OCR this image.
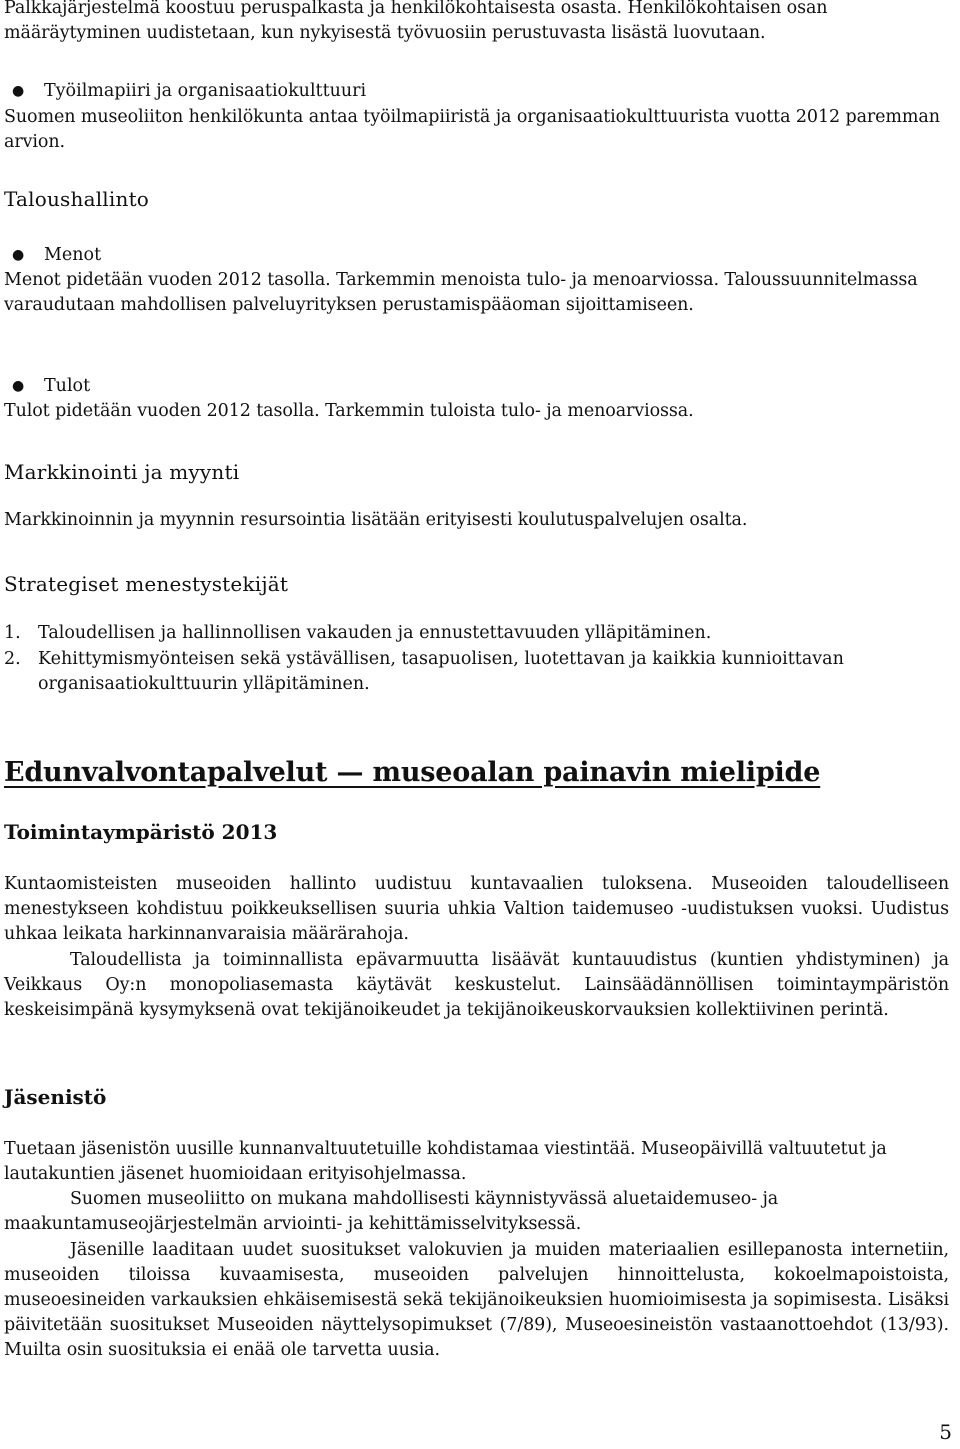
Palkkajärjestelmä koostuu peruspalkasta ja henkilökohtaisesta osasta. Henkilökohtaisen osan määräytyminen uudistetaan, kun nykyisestä työvuosiin perustuvasta lisästä luovutaan.

● Työilmapiiri ja organisaatiokulttuuri

Suomen museoliiton henkilökunta antaa työilmapiiristä ja organisaatiokulttuurista vuotta 2012 paremman arvion.

Taloushallinto
● Menot

Menot pidetään vuoden 2012 tasolla. Tarkemmin menoista tulo- ja menoarviossa. Taloussuunnitelmassa varaudutaan mahdollisen palveluyrityksen perustamispääoman sijoittamiseen.

● Tulot

Tulot pidetään vuoden 2012 tasolla. Tarkemmin tuloista tulo- ja menoarviossa.

Markkinointi ja myynti

Markkinoinnin ja myynnin resursointia lisätään erityisesti koulutuspalvelujen osalta.

Strategiset menestystekijät
1. Taloudellisen ja hallinnollisen vakauden ja ennustettavuuden ylläpitäminen.
2. Kehittymismyönteisen sekä ystävällisen, tasapuolisen, luotettavan ja kaikkia kunnioittavan organisaatiokulttuurin ylläpitäminen.
Edunvalvontapalvelut — museoalan painavin mielipide
Toimintaympäristö 2013

Kuntaomisteisten museoiden hallinto uudistuu kuntavaalien tuloksena. Museoiden taloudelliseen menestykseen kohdistuu poikkeuksellisen suuria uhkia Valtion taidemuseo -uudistuksen vuoksi. Uudistus uhkaa leikata harkinnanvaraisia määrärahoja.

Taloudellista ja toiminnallista epävarmuutta lisäävät kuntauudistus (kuntien yhdistyminen) ja Veikkaus Oy:n monopoliasemasta käytävät keskustelut. Lainsäädännöllisen toimintaympäristön keskeisimpänä kysymyksenä ovat tekijänoikeudet ja tekijänoikeuskorvauksien kollektiivinen perintä.

Jäsenistö

Tuetaan jäsenistön uusille kunnanvaltuutetuille kohdistamaa viestintää. Museopäivillä valtuutetut ja lautakuntien jäsenet huomioidaan erityisohjelmassa.

Suomen museoliitto on mukana mahdollisesti käynnistyvässä aluetaidemuseo- ja maakuntamuseojärjestelmän arviointi- ja kehittämisselvityksessä.

Jäsenille laaditaan uudet suositukset valokuvien ja muiden materiaalien esillepanosta internetiin, museoiden tiloissa kuvaamisesta, museoiden palvelujen hinnoittelusta, kokoelmapoistoista, museoesineiden varkauksien ehkäisemisestä sekä tekijänoikeuksien huomioimisesta ja sopimisesta. Lisäksi päivitetään suositukset Museoiden näyttelysopimukset (7/89), Museoesineistön vastaanottoehdot (13/93). Muilta osin suosituksia ei enää ole tarvetta uusia.

5
